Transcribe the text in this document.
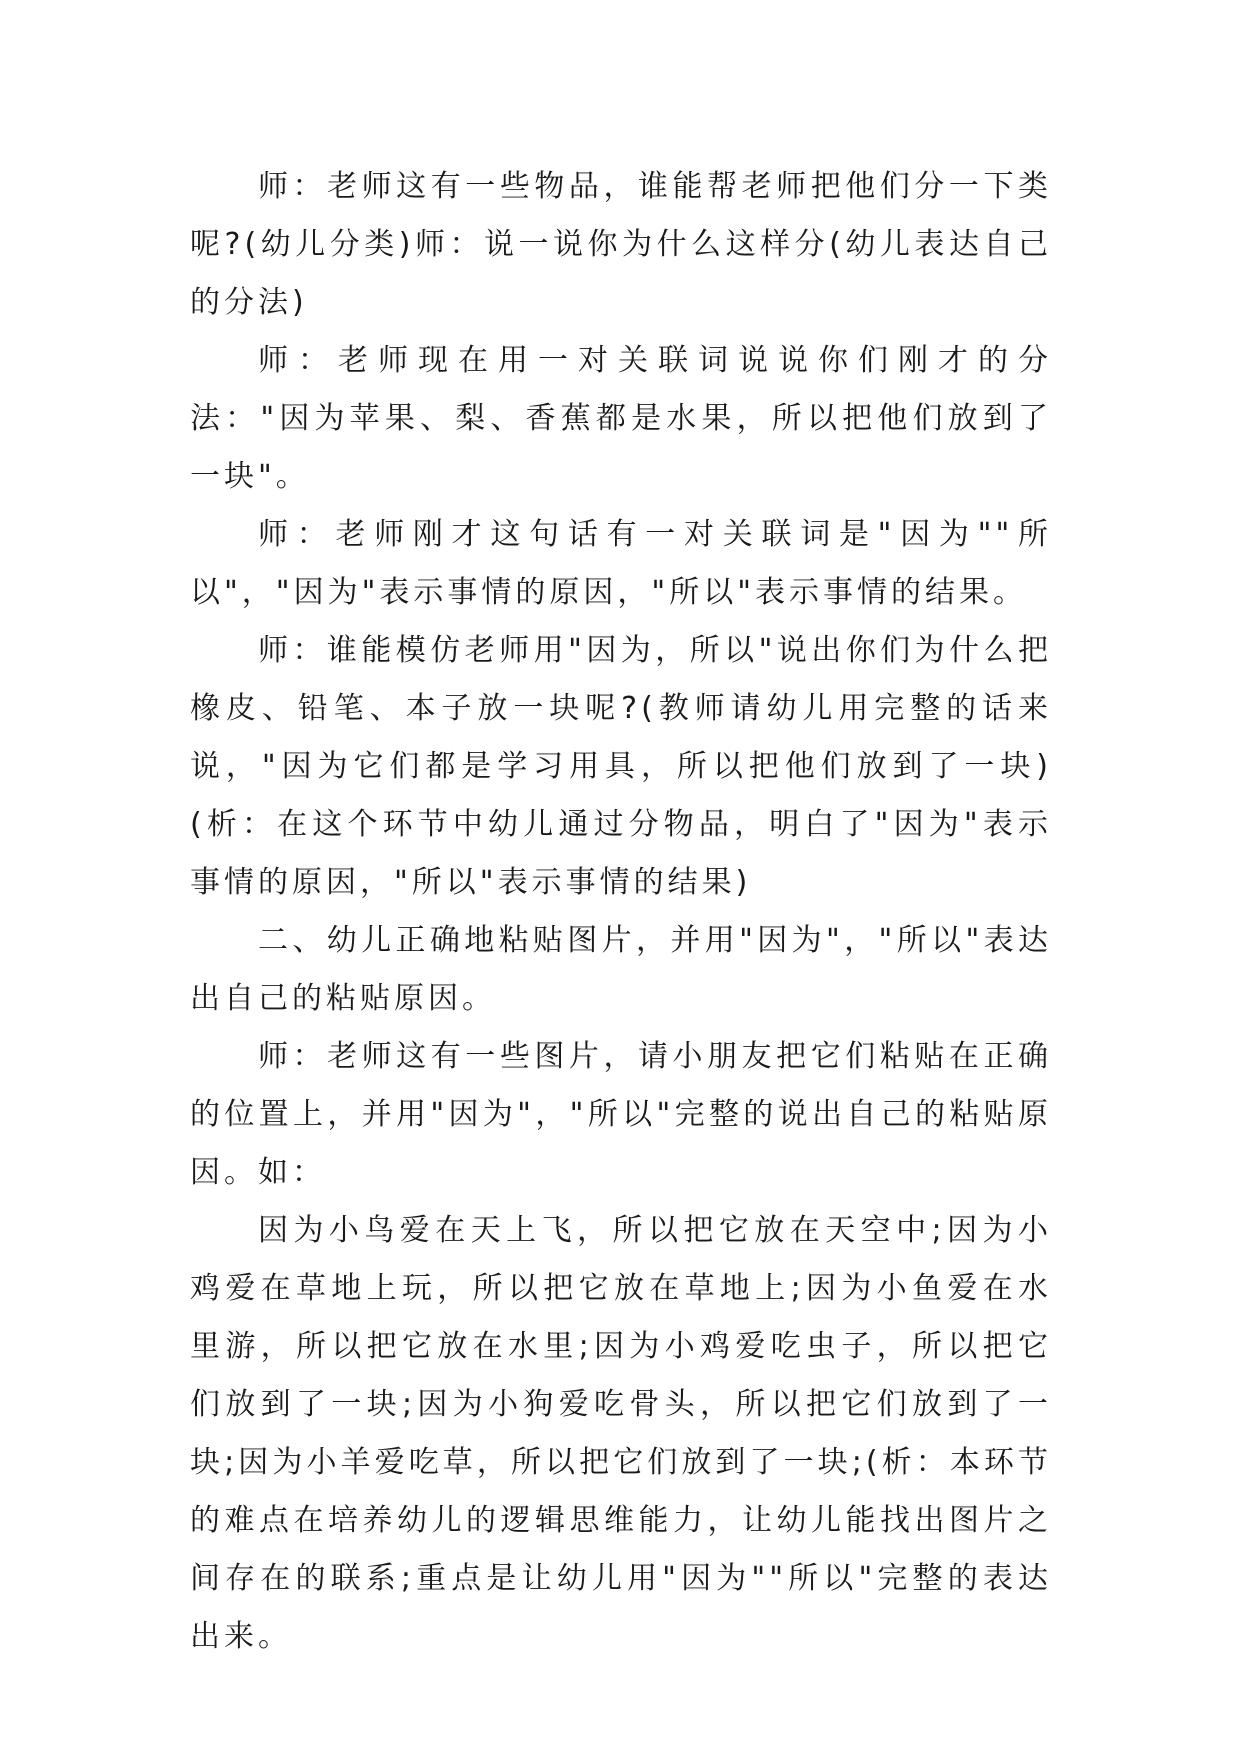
师：老师这有一些物品，谁能帮老师把他们分一下类呢?(幼儿分类)师：说一说你为什么这样分(幼儿表达自己的分法)

师：老师现在用一对关联词说说你们刚才的分法："因为苹果、梨、香蕉都是水果，所以把他们放到了一块"。

师：老师刚才这句话有一对关联词是"因为""所以"，"因为"表示事情的原因，"所以"表示事情的结果。

师：谁能模仿老师用"因为，所以"说出你们为什么把橡皮、铅笔、本子放一块呢?(教师请幼儿用完整的话来说，"因为它们都是学习用具，所以把他们放到了一块)(析：在这个环节中幼儿通过分物品，明白了"因为"表示事情的原因，"所以"表示事情的结果)

二、幼儿正确地粘贴图片，并用"因为"，"所以"表达出自己的粘贴原因。

师：老师这有一些图片，请小朋友把它们粘贴在正确的位置上，并用"因为"，"所以"完整的说出自己的粘贴原因。如：

因为小鸟爱在天上飞，所以把它放在天空中;因为小鸡爱在草地上玩，所以把它放在草地上;因为小鱼爱在水里游，所以把它放在水里;因为小鸡爱吃虫子，所以把它们放到了一块;因为小狗爱吃骨头，所以把它们放到了一块;因为小羊爱吃草，所以把它们放到了一块;(析：本环节的难点在培养幼儿的逻辑思维能力，让幼儿能找出图片之间存在的联系;重点是让幼儿用"因为""所以"完整的表达出来。
